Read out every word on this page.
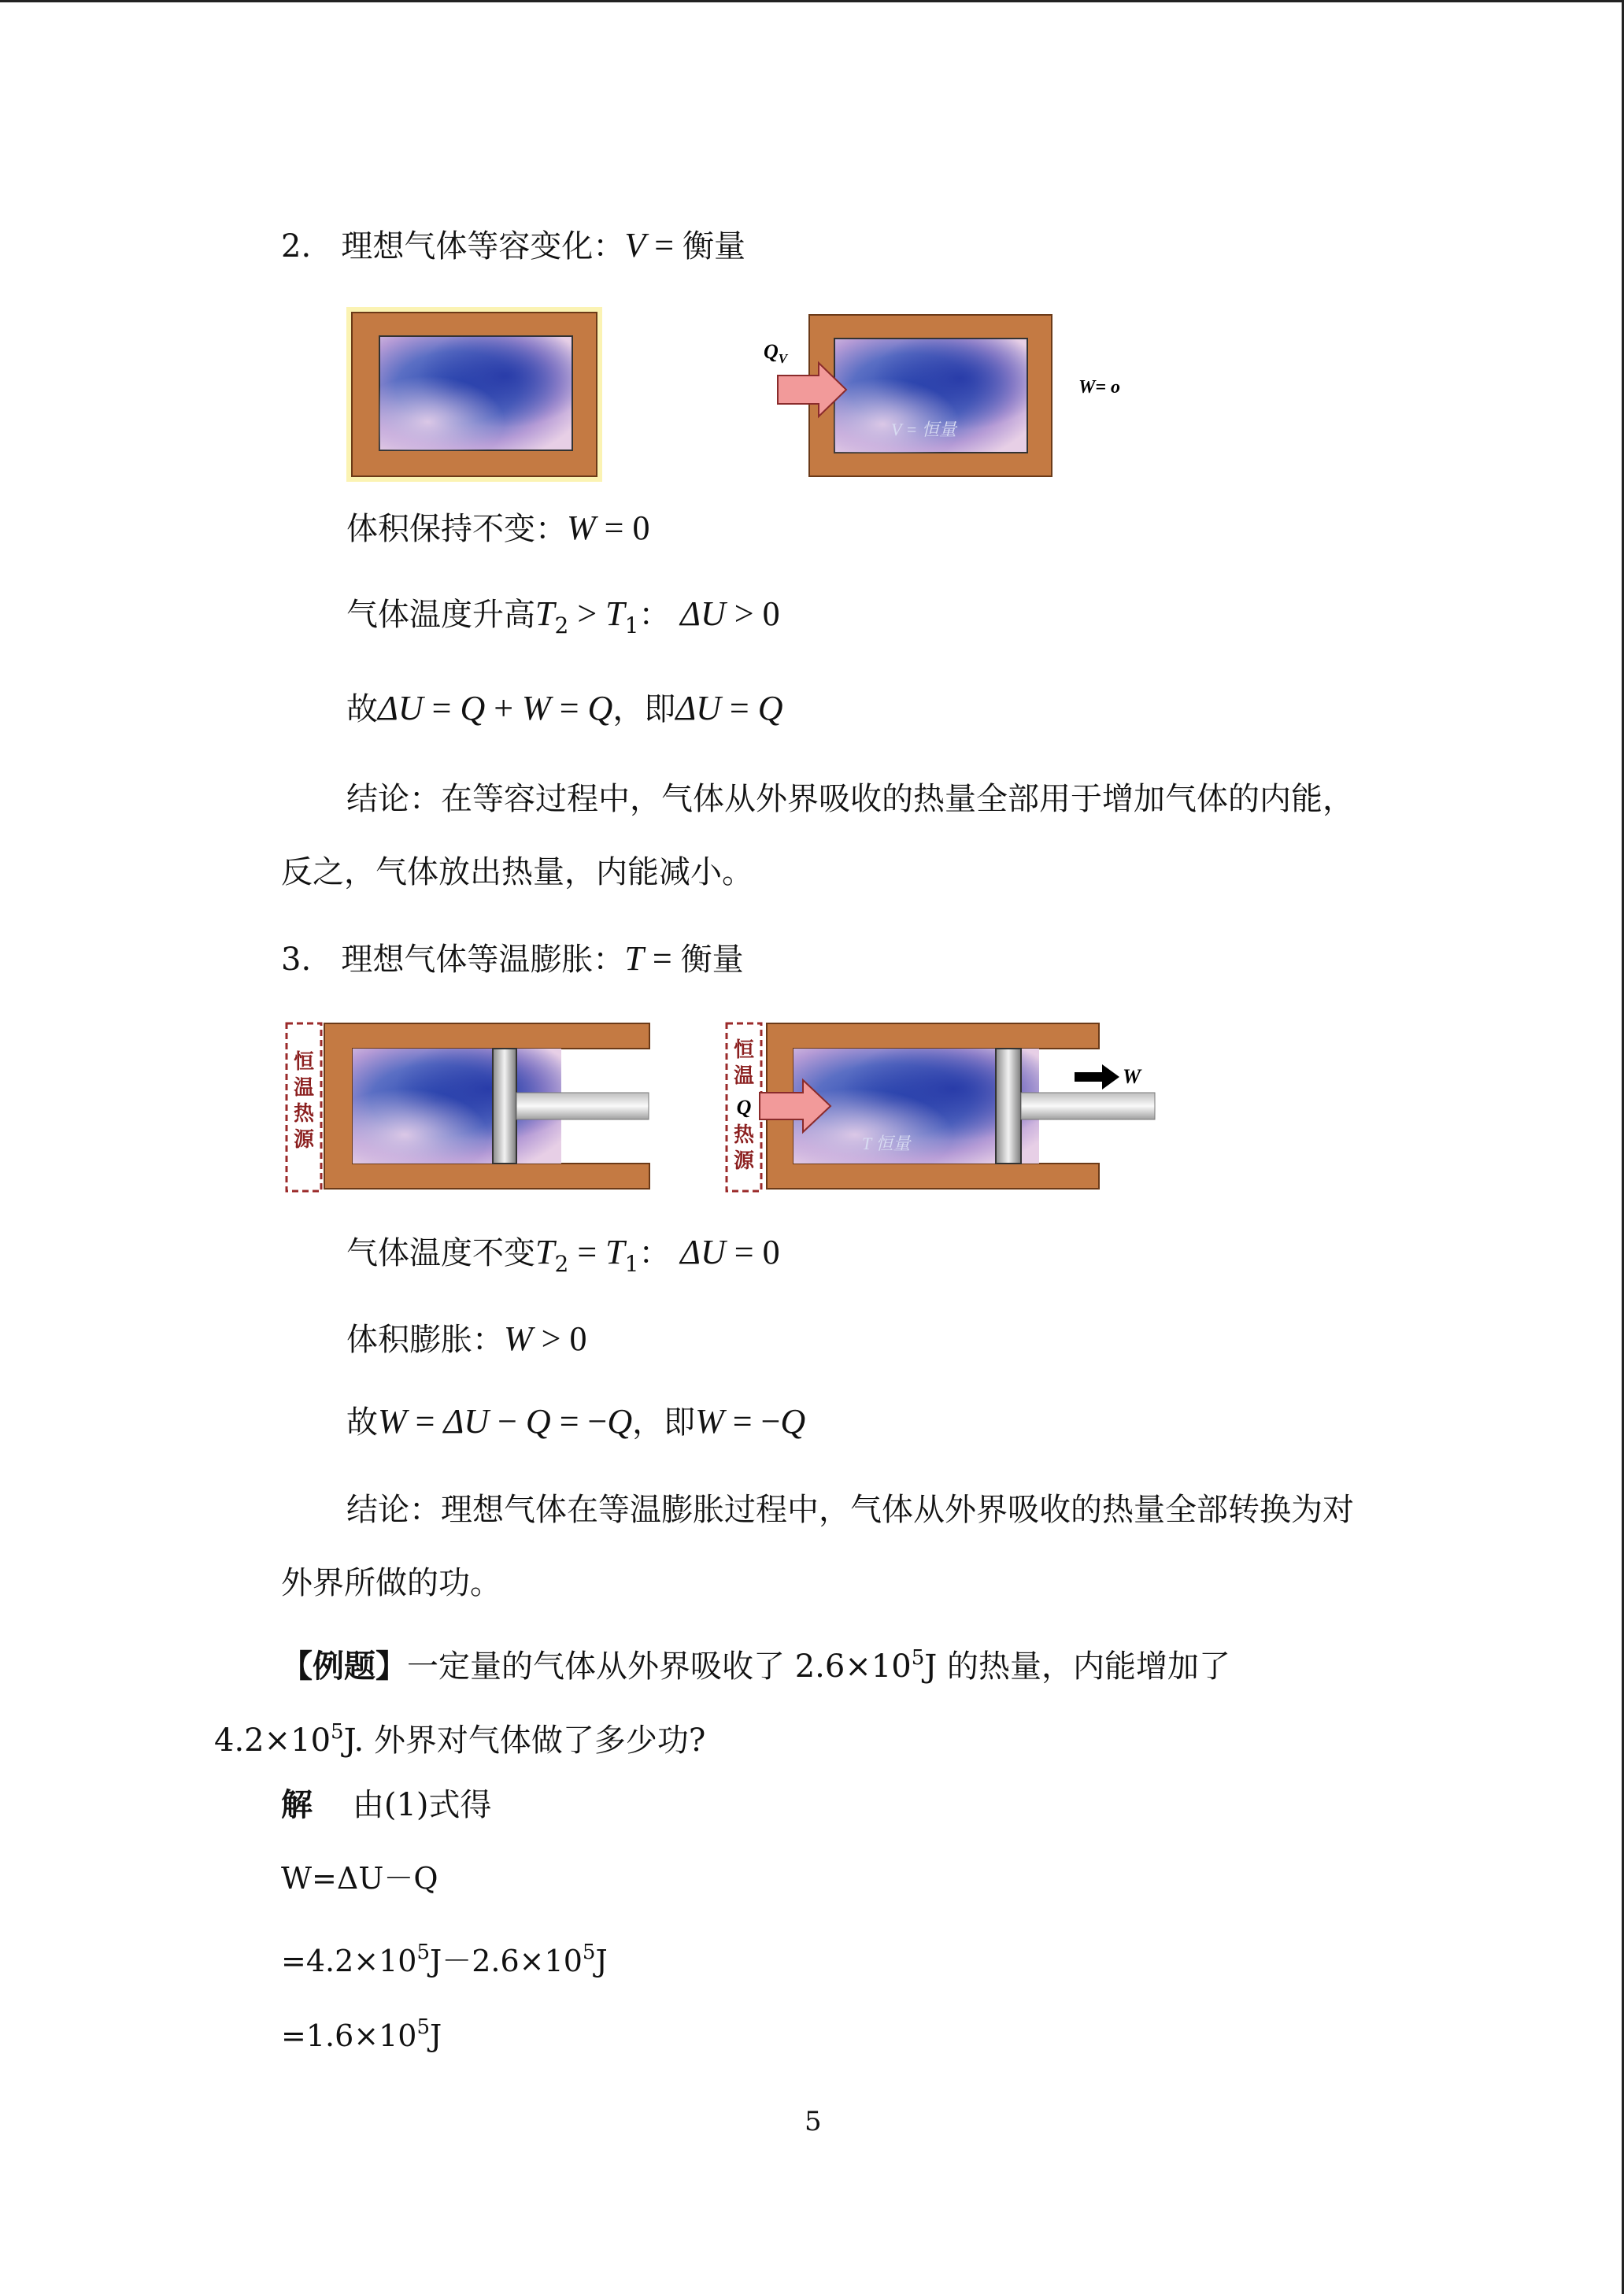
2. 理想气体等容变化：V = 衡量
$Q_V$
V = 恒量
W= o
体积保持不变：W = 0
气体温度升高$T_2 > T_1$： ΔU > 0
故ΔU = Q + W = Q，即ΔU = Q
结论：在等容过程中，气体从外界吸收的热量全部用于增加气体的内能，
反之，气体放出热量，内能减小。
3. 理想气体等温膨胀：T = 衡量
恒
温
热
源
恒
温
Q
热
源
T 恒量
W
气体温度不变$T_2 = T_1$： ΔU = 0
体积膨胀：W > 0
故W = ΔU − Q = −Q，即W = −Q
结论：理想气体在等温膨胀过程中，气体从外界吸收的热量全部转换为对
外界所做的功。
【例题】一定量的气体从外界吸收了 $2.6\times 10^5J$ 的热量，内能增加了
$4.2\times 10^5J$. 外界对气体做了多少功?
解 由(1)式得
W=ΔU－Q
$=4.2\times 10^5J-2.6\times 10^5J$
$=1.6\times 10^5J$
5
